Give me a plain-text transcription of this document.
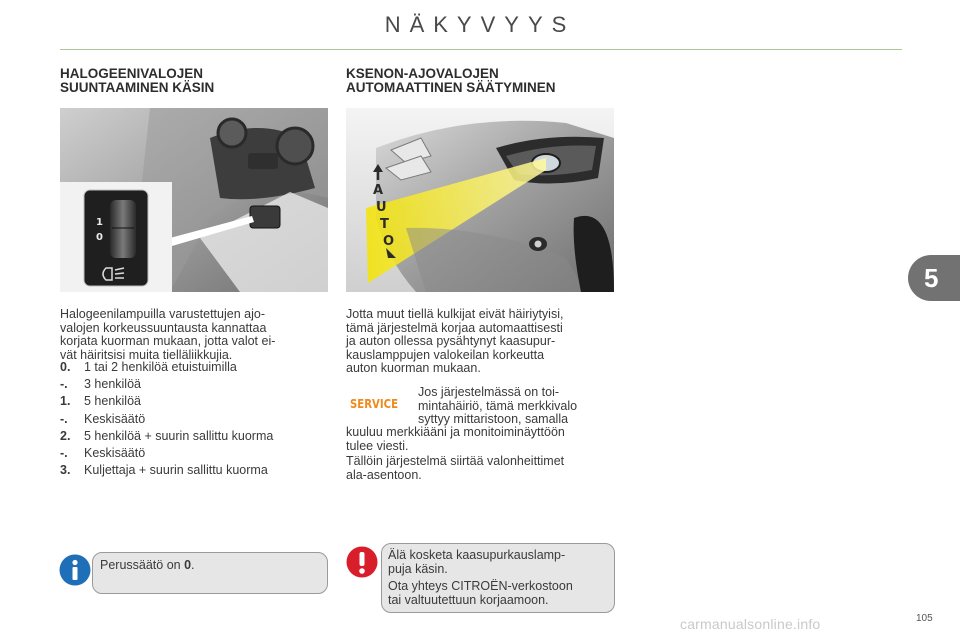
NÄKYVYYS
HALOGEENIVALOJEN
SUUNTAAMINEN KÄSIN
1
0
Halogeenilampuilla varustettujen ajo-
valojen korkeussuuntausta kannattaa
korjata kuorman mukaan, jotta valot ei-
vät häiritsisi muita tielläliikkujia.
0.	1 tai 2 henkilöä etuistuimilla
-.	3 henkilöä
1.	5 henkilöä
-.	Keskisäätö
2.	5 henkilöä + suurin sallittu kuorma
-.	Keskisäätö
3.	Kuljettaja + suurin sallittu kuorma
Perussäätö on 0.
KSENON-AJOVALOJEN
AUTOMAATTINEN SÄÄTYMINEN
A
U
T
O
Jotta muut tiellä kulkijat eivät häiriytyisi,
tämä järjestelmä korjaa automaattisesti
ja auton ollessa pysähtynyt kaasupur-
kauslamppujen valokeilan korkeutta
auton kuorman mukaan.
SERVICE
Jos järjestelmässä on toi-
mintahäiriö, tämä merkkivalo
syttyy mittaristoon, samalla
kuuluu merkkiääni ja monitoiminäyttöön
tulee viesti.
Tällöin järjestelmä siirtää valonheittimet
ala-asentoon.
Älä kosketa kaasupurkauslamp-
puja käsin.
Ota yhteys CITROËN-verkostoon
tai valtuutettuun korjaamoon.
5
carmanualsonline.info	105
